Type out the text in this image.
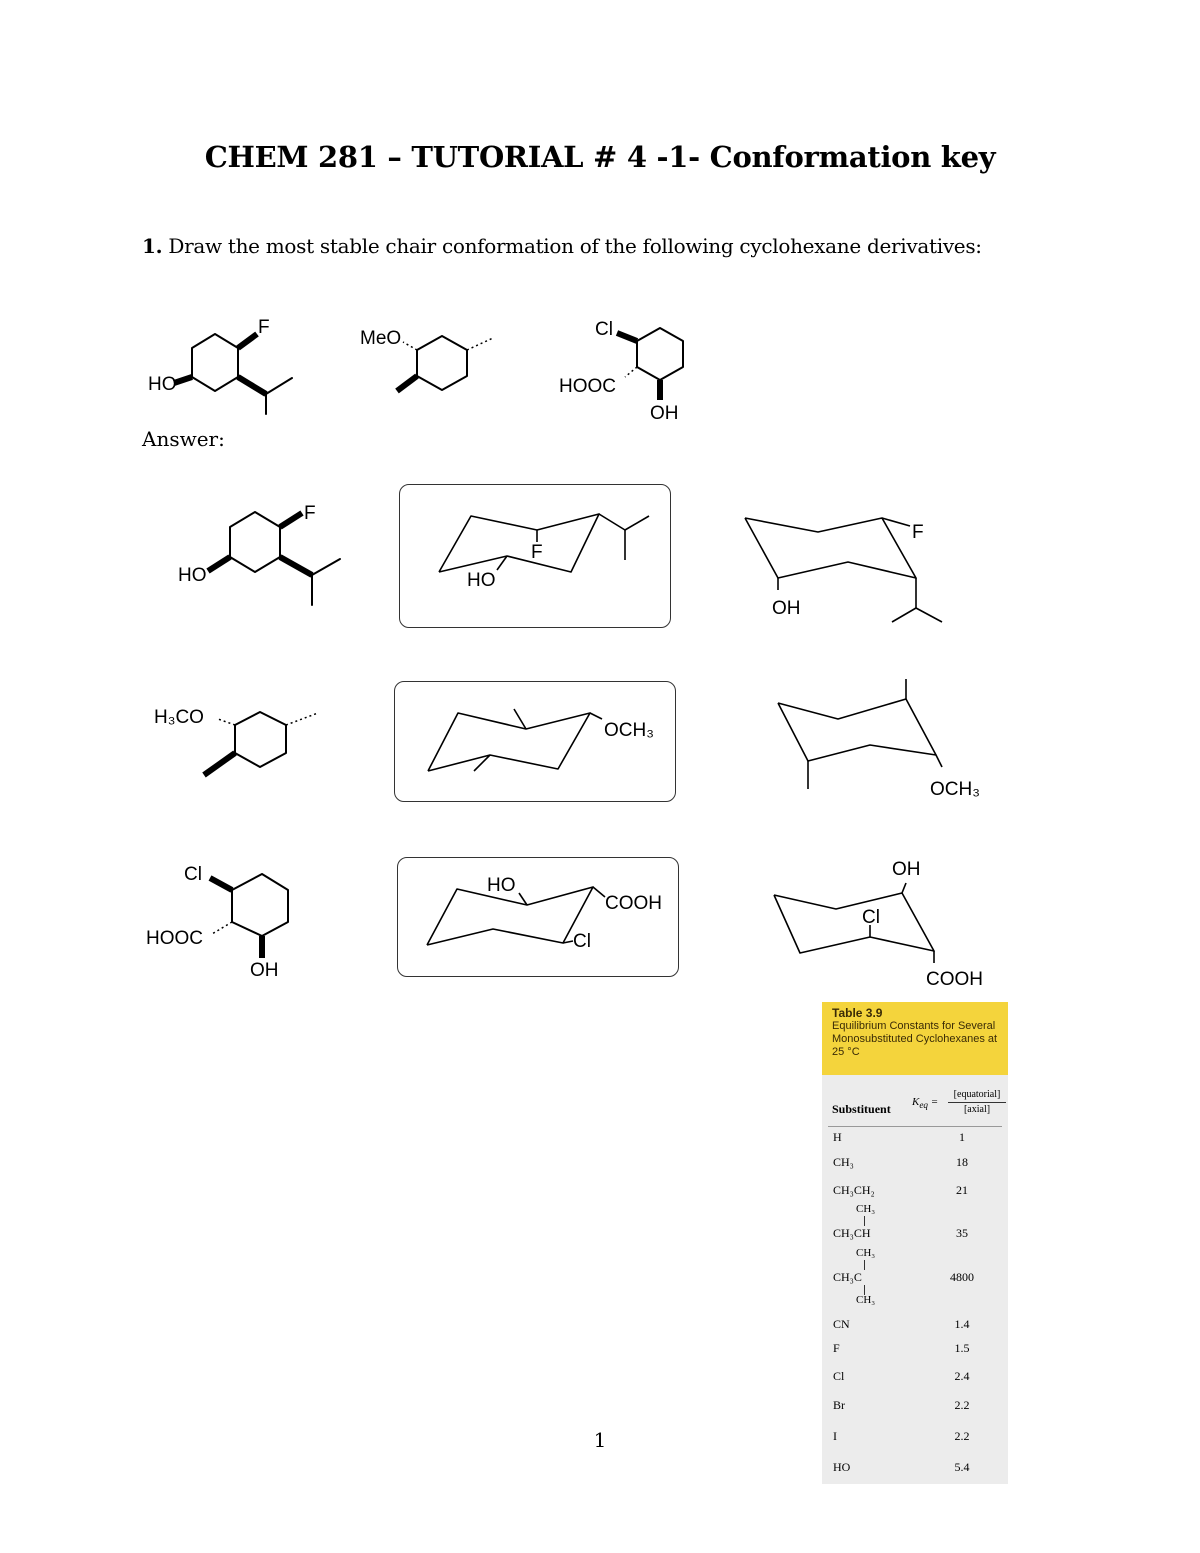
CHEM 281 – TUTORIAL # 4 -1- Conformation key
1. Draw the most stable chair conformation of the following cyclohexane derivatives:
F
HO
MeO	Cl
HOOC
OH
Answer:
F
HO
F
HO
F
OH
H₃CO
OCH₃
OCH₃
Cl
HOOC
OH
HO
COOH
Cl
OH
Cl
COOH
Table 3.9
Equilibrium Constants for Several Monosubstituted Cyclohexanes at 25 °C
Substituent $K_{eq}$ =
[equatorial]
[axial]
H	1
CH₃	18
CH₃CH₂	21
CH₃
CH₃CH	35
CH₃
CH₃C	4800
CH₃
CN	1.4
F	1.5
Cl	2.4
Br	2.2
I	2.2
HO	5.4
1
